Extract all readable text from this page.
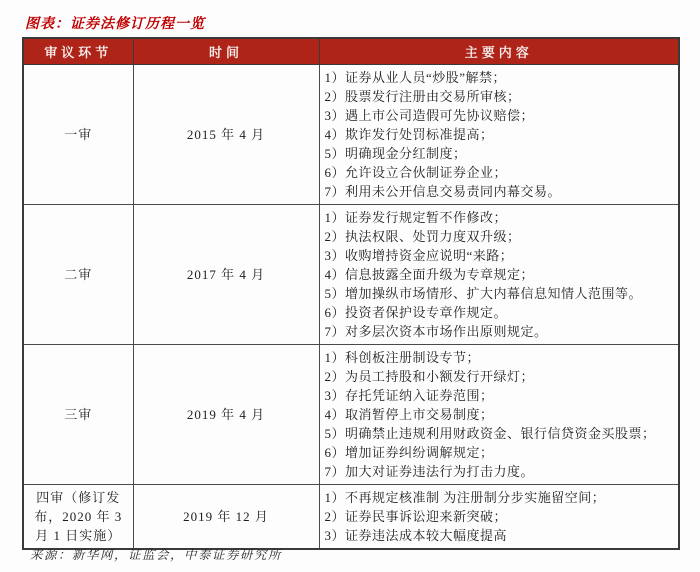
图表：证券法修订历程一览
审议环节	时间	主要内容
一审	2015 年 4 月	
1）证券从业人员“炒股”解禁；
2）股票发行注册由交易所审核；
3）遇上市公司造假可先协议赔偿；
4）欺诈发行处罚标准提高；
5）明确现金分红制度；
6）允许设立合伙制证券企业；
7）利用未公开信息交易责同内幕交易。

二审	2017 年 4 月	
1）证券发行规定暂不作修改；
2）执法权限、处罚力度双升级；
3）收购增持资金应说明“来路；
4）信息披露全面升级为专章规定；
5）增加操纵市场情形、扩大内幕信息知情人范围等。
6）投资者保护设专章作规定。
7）对多层次资本市场作出原则规定。

三审	2019 年 4 月	
1）科创板注册制设专节；
2）为员工持股和小额发行开绿灯；
3）存托凭证纳入证券范围；
4）取消暂停上市交易制度；
5）明确禁止违规利用财政资金、银行信贷资金买股票；
6）增加证券纠纷调解规定；
7）加大对证券违法行为打击力度。

四审（修订发布，2020 年 3 月 1 日实施）	2019 年 12 月	1）不再规定核准制 为注册制分步实施留空间；
2）证券民事诉讼迎来新突破；
3）证券违法成本较大幅度提高
来源：新华网，证监会，中泰证券研究所
